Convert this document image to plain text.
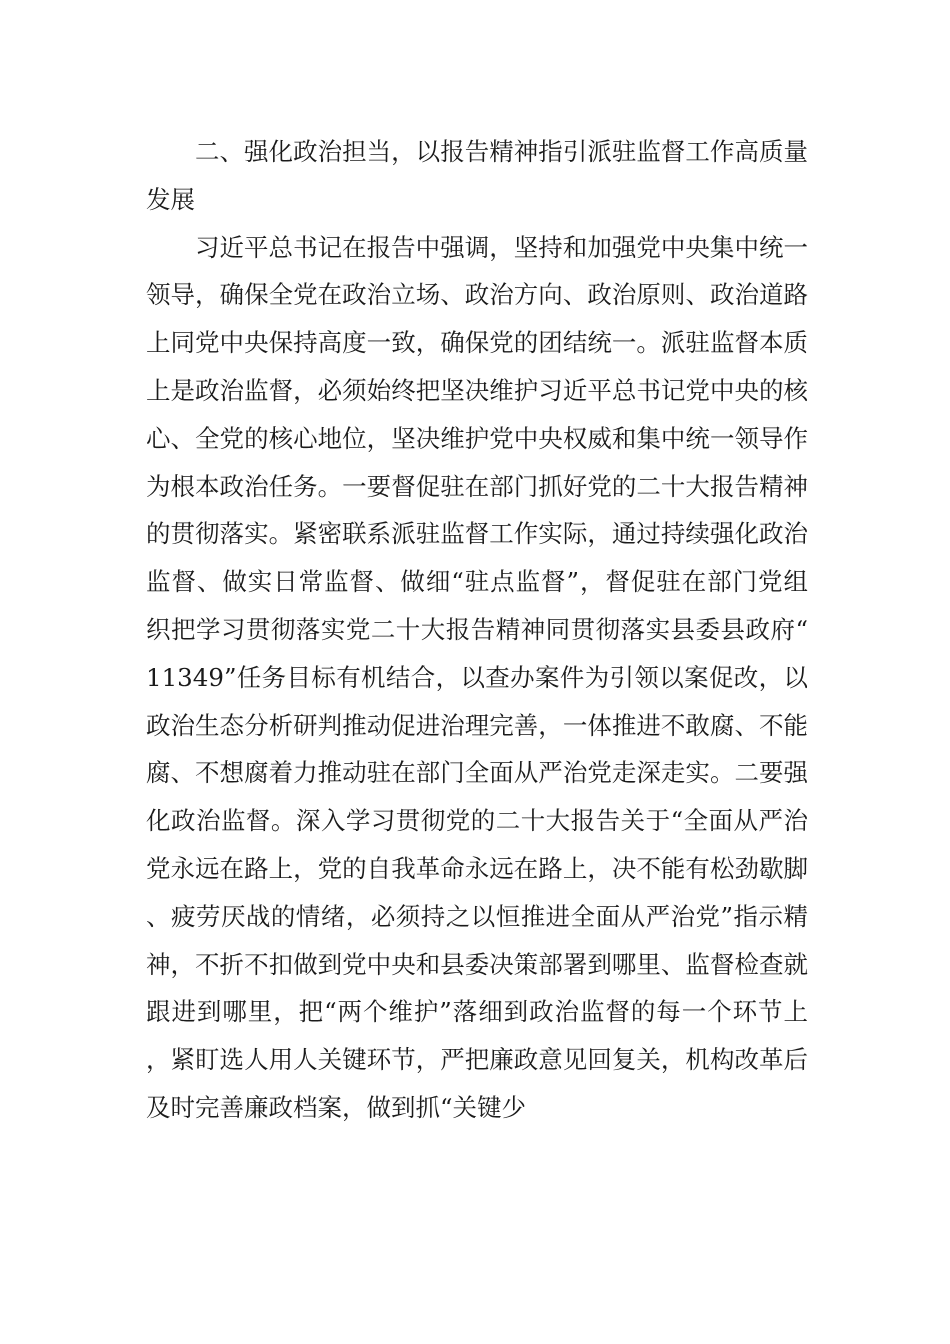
二、强化政治担当，以报告精神指引派驻监督工作高质量发展

习近平总书记在报告中强调，坚持和加强党中央集中统一领导，确保全党在政治立场、政治方向、政治原则、政治道路上同党中央保持高度一致，确保党的团结统一。派驻监督本质上是政治监督，必须始终把坚决维护习近平总书记党中央的核心、全党的核心地位，坚决维护党中央权威和集中统一领导作为根本政治任务。一要督促驻在部门抓好党的二十大报告精神的贯彻落实。紧密联系派驻监督工作实际，通过持续强化政治监督、做实日常监督、做细“驻点监督”，督促驻在部门党组织把学习贯彻落实党二十大报告精神同贯彻落实县委县政府“11349”任务目标有机结合，以查办案件为引领以案促改，以政治生态分析研判推动促进治理完善，一体推进不敢腐、不能腐、不想腐着力推动驻在部门全面从严治党走深走实。二要强化政治监督。深入学习贯彻党的二十大报告关于“全面从严治党永远在路上，党的自我革命永远在路上，决不能有松劲歇脚、疲劳厌战的情绪，必须持之以恒推进全面从严治党”指示精神，不折不扣做到党中央和县委决策部署到哪里、监督检查就跟进到哪里，把“两个维护”落细到政治监督的每一个环节上，紧盯选人用人关键环节，严把廉政意见回复关，机构改革后及时完善廉政档案，做到抓“关键少
